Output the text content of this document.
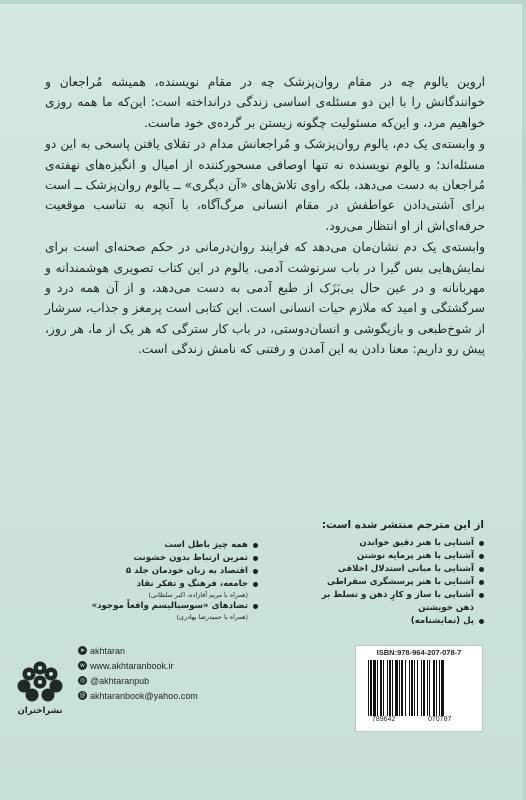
اروین یالوم چه در مقام روان‌پزشک چه در مقام نویسنده، همیشه مُراجعان و خوانندگانش را با این دو مسئله‌ی اساسی زندگی درانداخته است: این‌که ما همه روزی خواهیم مرد، و این‌که مسئولیت چگونه زیستن بر گرده‌ی خود ماست.

و وابسته‌ی یک دم، یالوم روان‌پزشک و مُراجعانش مدام در تقلای یافتن پاسخی به این دو مسئله‌اند؛ و یالوم نویسنده نه تنها اوصافی مسحورکننده از امیال و انگیزه‌های نهفته‌ی مُراجعان به دست می‌دهد، بلکه راوی تلاش‌های «آن دیگری» ــ یالوم روان‌پزشک ــ است برای آشتی‌دادن عواطفش در مقام انسانی مرگ‌آگاه، با آنچه به تناسب موقعیت حرفه‌ای‌اش از او انتظار می‌رود.

وابسته‌ی یک دم نشان‌مان می‌دهد که فرایند روان‌درمانی در حکم صحنه‌ای است برای نمایش‌هایی بس گیرا در باب سرنوشت آدمی. یالوم در این کتاب تصویری هوشمندانه و مهربانانه و در عین حال بی‌بَزَک از طبع آدمی به دست می‌دهد، و از آن همه درد و سرگشتگی و امید که ملازم حیات انسانی است. این کتابی است پرمغز و جذاب، سرشار از شوخ‌طبعی و بازیگوشی و انسان‌دوستی، در باب کار سترگی که هر یک از ما، هر روز، پیش رو داریم: معنا دادن به این آمدن و رفتنی که نامش زندگی است.

از این مترجم منتشر شده است:
آشنایی با هنر دقیق خواندن
آشنایی با هنر پرمایه نوشتن
آشنایی با مبانی استدلال اخلاقی
آشنایی با هنر پرسشگری سقراطی
آشنایی با ساز و کارِ ذهن و تسلط بر ذهن خویشتن
پل (نمایشنامه)
همه چیز باطل است
تمرین ارتباط بدون خشونت
اقتصاد به زبان خودمان جلد ۵
جامعه، فرهنگ و تفکر نقاد
(همراه با مریم آقازاده، اکبر سلطانی)
تضادهای «سوسیالیسم واقعاً موجود»
(همراه با حمیدرضا بهادری)
نشراختران
➤ akhtaran
w www.akhtaranbook.ir
◎ @akhtaranpub
@ akhtaranbook@yahoo.com
ISBN:978-964-207-078-7
789642	070787
